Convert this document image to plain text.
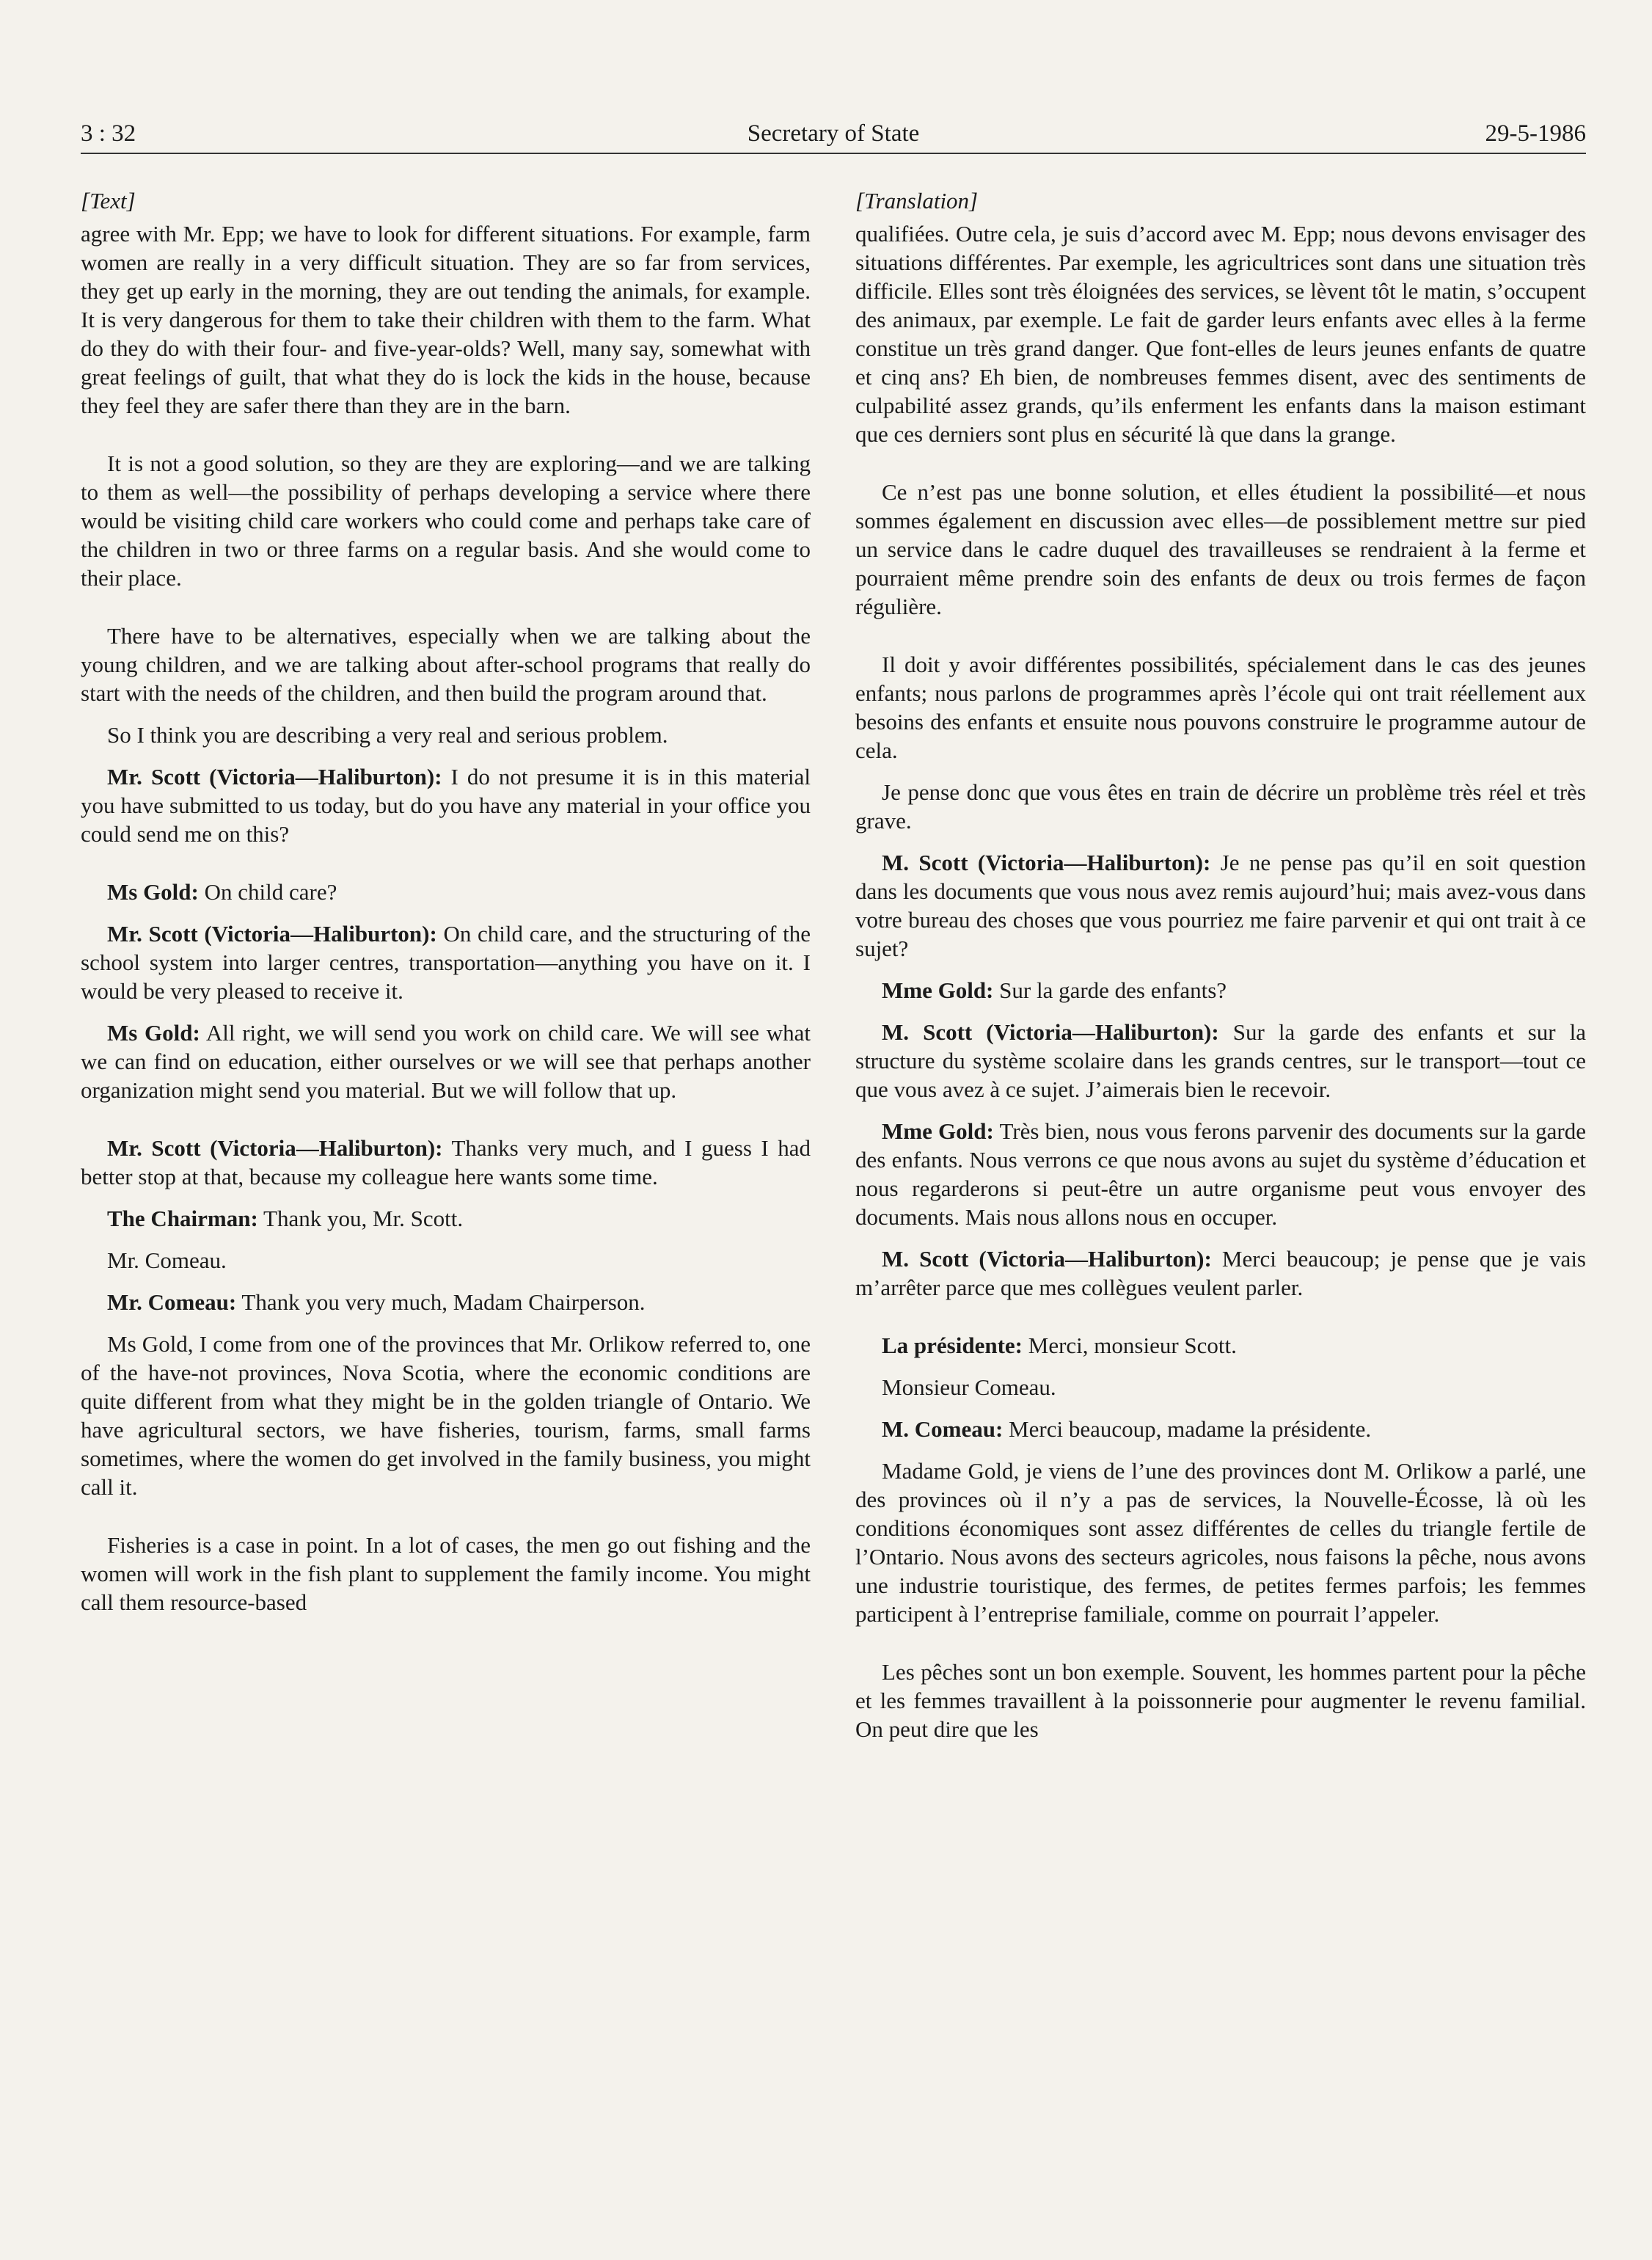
3 : 32	Secretary of State	29-5-1986

[Text]

agree with Mr. Epp; we have to look for different situations. For example, farm women are really in a very difficult situation. They are so far from services, they get up early in the morning, they are out tending the animals, for example. It is very dangerous for them to take their children with them to the farm. What do they do with their four- and five-year-olds? Well, many say, somewhat with great feelings of guilt, that what they do is lock the kids in the house, because they feel they are safer there than they are in the barn.

It is not a good solution, so they are they are exploring—and we are talking to them as well—the possibility of perhaps developing a service where there would be visiting child care workers who could come and perhaps take care of the children in two or three farms on a regular basis. And she would come to their place.

There have to be alternatives, especially when we are talking about the young children, and we are talking about after-school programs that really do start with the needs of the children, and then build the program around that.

So I think you are describing a very real and serious problem.

Mr. Scott (Victoria—Haliburton): I do not presume it is in this material you have submitted to us today, but do you have any material in your office you could send me on this?

Ms Gold: On child care?

Mr. Scott (Victoria—Haliburton): On child care, and the structuring of the school system into larger centres, transportation—anything you have on it. I would be very pleased to receive it.

Ms Gold: All right, we will send you work on child care. We will see what we can find on education, either ourselves or we will see that perhaps another organization might send you material. But we will follow that up.

Mr. Scott (Victoria—Haliburton): Thanks very much, and I guess I had better stop at that, because my colleague here wants some time.

The Chairman: Thank you, Mr. Scott.

Mr. Comeau.

Mr. Comeau: Thank you very much, Madam Chairperson.

Ms Gold, I come from one of the provinces that Mr. Orlikow referred to, one of the have-not provinces, Nova Scotia, where the economic conditions are quite different from what they might be in the golden triangle of Ontario. We have agricultural sectors, we have fisheries, tourism, farms, small farms sometimes, where the women do get involved in the family business, you might call it.

Fisheries is a case in point. In a lot of cases, the men go out fishing and the women will work in the fish plant to supplement the family income. You might call them resource-based

[Translation]

qualifiées. Outre cela, je suis d’accord avec M. Epp; nous devons envisager des situations différentes. Par exemple, les agricultrices sont dans une situation très difficile. Elles sont très éloignées des services, se lèvent tôt le matin, s’occupent des animaux, par exemple. Le fait de garder leurs enfants avec elles à la ferme constitue un très grand danger. Que font-elles de leurs jeunes enfants de quatre et cinq ans? Eh bien, de nombreuses femmes disent, avec des sentiments de culpabilité assez grands, qu’ils enferment les enfants dans la maison estimant que ces derniers sont plus en sécurité là que dans la grange.

Ce n’est pas une bonne solution, et elles étudient la possibilité—et nous sommes également en discussion avec elles—de possiblement mettre sur pied un service dans le cadre duquel des travailleuses se rendraient à la ferme et pourraient même prendre soin des enfants de deux ou trois fermes de façon régulière.

Il doit y avoir différentes possibilités, spécialement dans le cas des jeunes enfants; nous parlons de programmes après l’école qui ont trait réellement aux besoins des enfants et ensuite nous pouvons construire le programme autour de cela.

Je pense donc que vous êtes en train de décrire un problème très réel et très grave.

M. Scott (Victoria—Haliburton): Je ne pense pas qu’il en soit question dans les documents que vous nous avez remis aujourd’hui; mais avez-vous dans votre bureau des choses que vous pourriez me faire parvenir et qui ont trait à ce sujet?

Mme Gold: Sur la garde des enfants?

M. Scott (Victoria—Haliburton): Sur la garde des enfants et sur la structure du système scolaire dans les grands centres, sur le transport—tout ce que vous avez à ce sujet. J’aimerais bien le recevoir.

Mme Gold: Très bien, nous vous ferons parvenir des documents sur la garde des enfants. Nous verrons ce que nous avons au sujet du système d’éducation et nous regarderons si peut-être un autre organisme peut vous envoyer des documents. Mais nous allons nous en occuper.

M. Scott (Victoria—Haliburton): Merci beaucoup; je pense que je vais m’arrêter parce que mes collègues veulent parler.

La présidente: Merci, monsieur Scott.

Monsieur Comeau.

M. Comeau: Merci beaucoup, madame la présidente.

Madame Gold, je viens de l’une des provinces dont M. Orlikow a parlé, une des provinces où il n’y a pas de services, la Nouvelle-Écosse, là où les conditions économiques sont assez différentes de celles du triangle fertile de l’Ontario. Nous avons des secteurs agricoles, nous faisons la pêche, nous avons une industrie touristique, des fermes, de petites fermes parfois; les femmes participent à l’entreprise familiale, comme on pourrait l’appeler.

Les pêches sont un bon exemple. Souvent, les hommes partent pour la pêche et les femmes travaillent à la poissonnerie pour augmenter le revenu familial. On peut dire que les
